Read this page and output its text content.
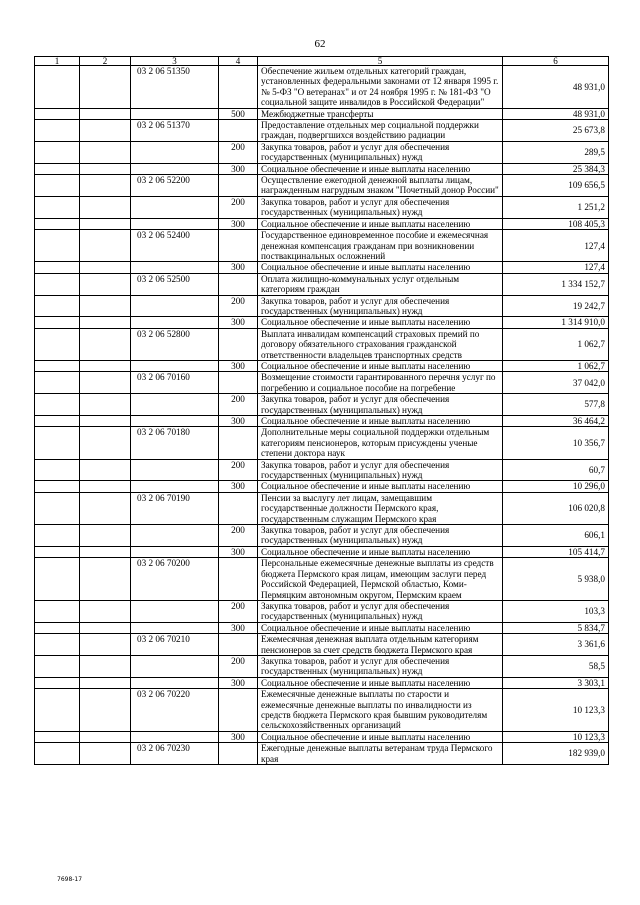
62
1	2	3	4	5	6
		03 2 06 51350		Обеспечение жильем отдельных категорий граждан, установленных федеральными законами от 12 января 1995 г. № 5-ФЗ "О ветеранах" и от 24 ноября 1995 г. № 181-ФЗ "О социальной защите инвалидов в Российской Федерации"	48 931,0
			500	Межбюджетные трансферты	48 931,0
		03 2 06 51370		Предоставление отдельных мер социальной поддержки граждан, подвергшихся воздействию радиации	25 673,8
			200	Закупка товаров, работ и услуг для обеспечения государственных (муниципальных) нужд	289,5
			300	Социальное обеспечение и иные выплаты населению	25 384,3
		03 2 06 52200		Осуществление ежегодной денежной выплаты лицам, награжденным нагрудным знаком "Почетный донор России"	109 656,5
			200	Закупка товаров, работ и услуг для обеспечения государственных (муниципальных) нужд	1 251,2
			300	Социальное обеспечение и иные выплаты населению	108 405,3
		03 2 06 52400		Государственное единовременное пособие и ежемесячная денежная компенсация гражданам при возникновении поствакцинальных осложнений	127,4
			300	Социальное обеспечение и иные выплаты населению	127,4
		03 2 06 52500		Оплата жилищно-коммунальных услуг отдельным категориям граждан	1 334 152,7
			200	Закупка товаров, работ и услуг для обеспечения государственных (муниципальных) нужд	19 242,7
			300	Социальное обеспечение и иные выплаты населению	1 314 910,0
		03 2 06 52800		Выплата инвалидам компенсаций страховых премий по договору обязательного страхования гражданской ответственности владельцев транспортных средств	1 062,7
			300	Социальное обеспечение и иные выплаты населению	1 062,7
		03 2 06 70160		Возмещение стоимости гарантированного перечня услуг по погребению и социальное пособие на погребение	37 042,0
			200	Закупка товаров, работ и услуг для обеспечения государственных (муниципальных) нужд	577,8
			300	Социальное обеспечение и иные выплаты населению	36 464,2
		03 2 06 70180		Дополнительные меры социальной поддержки отдельным категориям пенсионеров, которым присуждены ученые степени доктора наук	10 356,7
			200	Закупка товаров, работ и услуг для обеспечения государственных (муниципальных) нужд	60,7
			300	Социальное обеспечение и иные выплаты населению	10 296,0
		03 2 06 70190		Пенсии за выслугу лет лицам, замещавшим государственные должности Пермского края, государственным служащим Пермского края	106 020,8
			200	Закупка товаров, работ и услуг для обеспечения государственных (муниципальных) нужд	606,1
			300	Социальное обеспечение и иные выплаты населению	105 414,7
		03 2 06 70200		Персональные ежемесячные денежные выплаты из средств бюджета Пермского края лицам, имеющим заслуги перед Российской Федерацией, Пермской областью, Коми-Пермяцким автономным округом, Пермским краем	5 938,0
			200	Закупка товаров, работ и услуг для обеспечения государственных (муниципальных) нужд	103,3
			300	Социальное обеспечение и иные выплаты населению	5 834,7
		03 2 06 70210		Ежемесячная денежная выплата отдельным категориям пенсионеров за счет средств бюджета Пермского края	3 361,6
			200	Закупка товаров, работ и услуг для обеспечения государственных (муниципальных) нужд	58,5
			300	Социальное обеспечение и иные выплаты населению	3 303,1
		03 2 06 70220		Ежемесячные денежные выплаты по старости и ежемесячные денежные выплаты по инвалидности из средств бюджета Пермского края бывшим руководителям сельскохозяйственных организаций	10 123,3
			300	Социальное обеспечение и иные выплаты населению	10 123,3
		03 2 06 70230		Ежегодные денежные выплаты ветеранам труда Пермского края	182 939,0
7698-17
